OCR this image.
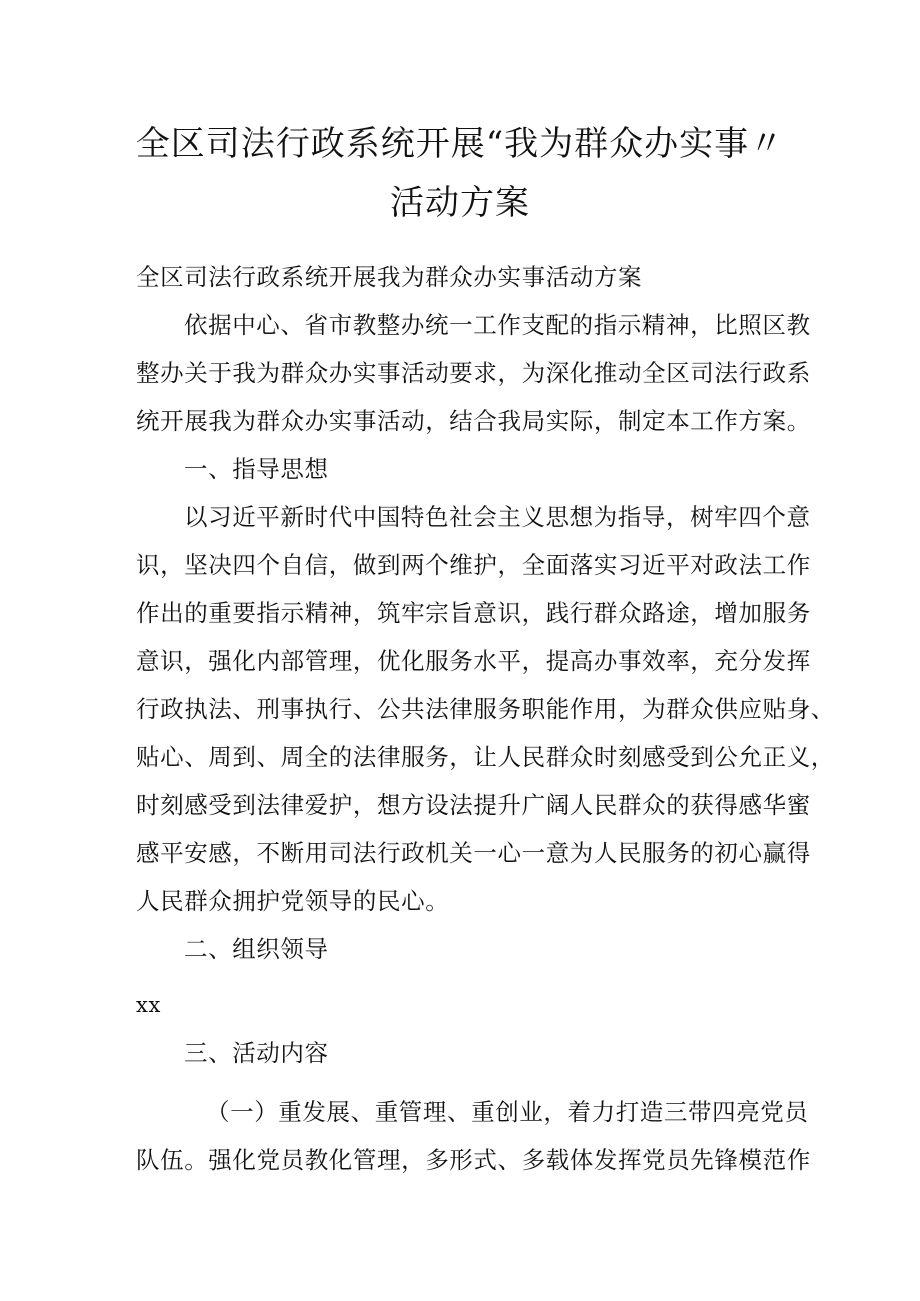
全区司法行政系统开展“我为群众办实事〃
活动方案
全区司法行政系统开展我为群众办实事活动方案
依据中心、省市教整办统一工作支配的指示精神，比照区教
整办关于我为群众办实事活动要求，为深化推动全区司法行政系
统开展我为群众办实事活动，结合我局实际，制定本工作方案。
一、指导思想
以习近平新时代中国特色社会主义思想为指导，树牢四个意
识，坚决四个自信，做到两个维护，全面落实习近平对政法工作
作出的重要指示精神，筑牢宗旨意识，践行群众路途，增加服务
意识，强化内部管理，优化服务水平，提高办事效率，充分发挥
行政执法、刑事执行、公共法律服务职能作用，为群众供应贴身、
贴心、周到、周全的法律服务，让人民群众时刻感受到公允正义，
时刻感受到法律爱护，想方设法提升广阔人民群众的获得感华蜜
感平安感，不断用司法行政机关一心一意为人民服务的初心赢得
人民群众拥护党领导的民心。
二、组织领导
xx
三、活动内容
（一）重发展、重管理、重创业，着力打造三带四亮党员
队伍。强化党员教化管理，多形式、多载体发挥党员先锋模范作
